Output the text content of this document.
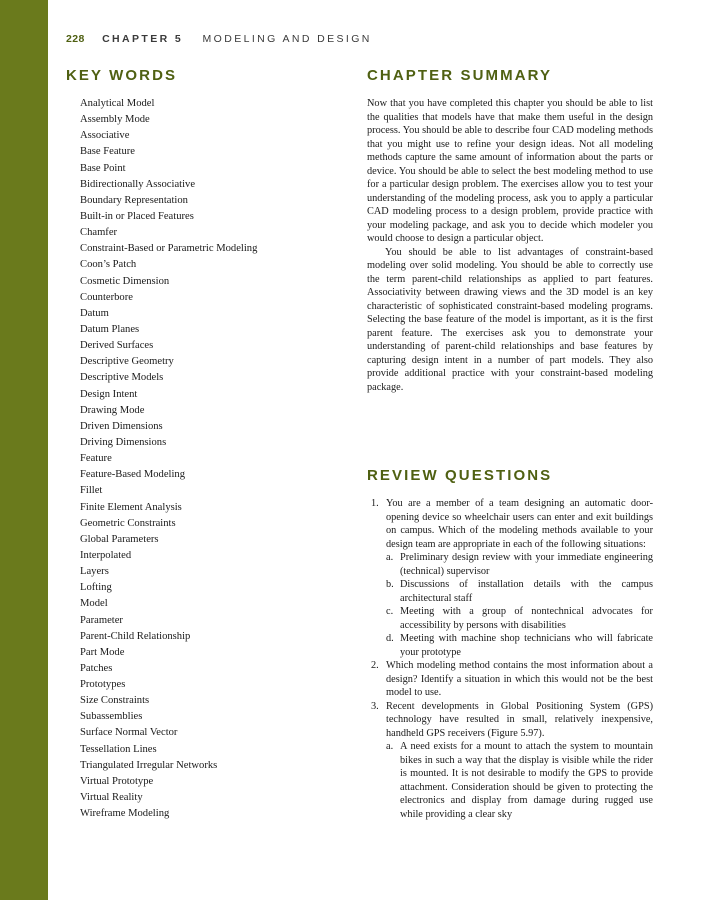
228 CHAPTER 5 MODELING AND DESIGN
KEY WORDS
Analytical Model
Assembly Mode
Associative
Base Feature
Base Point
Bidirectionally Associative
Boundary Representation
Built-in or Placed Features
Chamfer
Constraint-Based or Parametric Modeling
Coon’s Patch
Cosmetic Dimension
Counterbore
Datum
Datum Planes
Derived Surfaces
Descriptive Geometry
Descriptive Models
Design Intent
Drawing Mode
Driven Dimensions
Driving Dimensions
Feature
Feature-Based Modeling
Fillet
Finite Element Analysis
Geometric Constraints
Global Parameters
Interpolated
Layers
Lofting
Model
Parameter
Parent-Child Relationship
Part Mode
Patches
Prototypes
Size Constraints
Subassemblies
Surface Normal Vector
Tessellation Lines
Triangulated Irregular Networks
Virtual Prototype
Virtual Reality
Wireframe Modeling
CHAPTER SUMMARY

Now that you have completed this chapter you should be able to list the qualities that models have that make them useful in the design process. You should be able to describe four CAD modeling methods that you might use to refine your design ideas. Not all modeling methods capture the same amount of information about the parts or device. You should be able to select the best modeling method to use for a particular design problem. The exercises allow you to test your understanding of the modeling process, ask you to apply a particular CAD modeling process to a design problem, provide practice with your modeling package, and ask you to decide which modeler you would choose to design a particular object.

You should be able to list advantages of constraint-based modeling over solid modeling. You should be able to correctly use the term parent-child relationships as applied to part features. Associativity between drawing views and the 3D model is an key characteristic of sophisticated constraint-based modeling programs. Selecting the base feature of the model is important, as it is the first parent feature. The exercises ask you to demonstrate your understanding of parent-child relationships and base features by capturing design intent in a number of part models. They also provide additional practice with your constraint-based modeling package.

REVIEW QUESTIONS
1. You are a member of a team designing an automatic door-opening device so wheelchair users can enter and exit buildings on campus. Which of the modeling methods available to your design team are appropriate in each of the following situations:
a. Preliminary design review with your immediate engineering (technical) supervisor
b. Discussions of installation details with the campus architectural staff
c. Meeting with a group of nontechnical advocates for accessibility by persons with disabilities
d. Meeting with machine shop technicians who will fabricate your prototype
2. Which modeling method contains the most information about a design? Identify a situation in which this would not be the best model to use.
3. Recent developments in Global Positioning System (GPS) technology have resulted in small, relatively inexpensive, handheld GPS receivers (Figure 5.97).
a. A need exists for a mount to attach the system to mountain bikes in such a way that the display is visible while the rider is mounted. It is not desirable to modify the GPS to provide attachment. Consideration should be given to protecting the electronics and display from damage during rugged use while providing a clear sky
